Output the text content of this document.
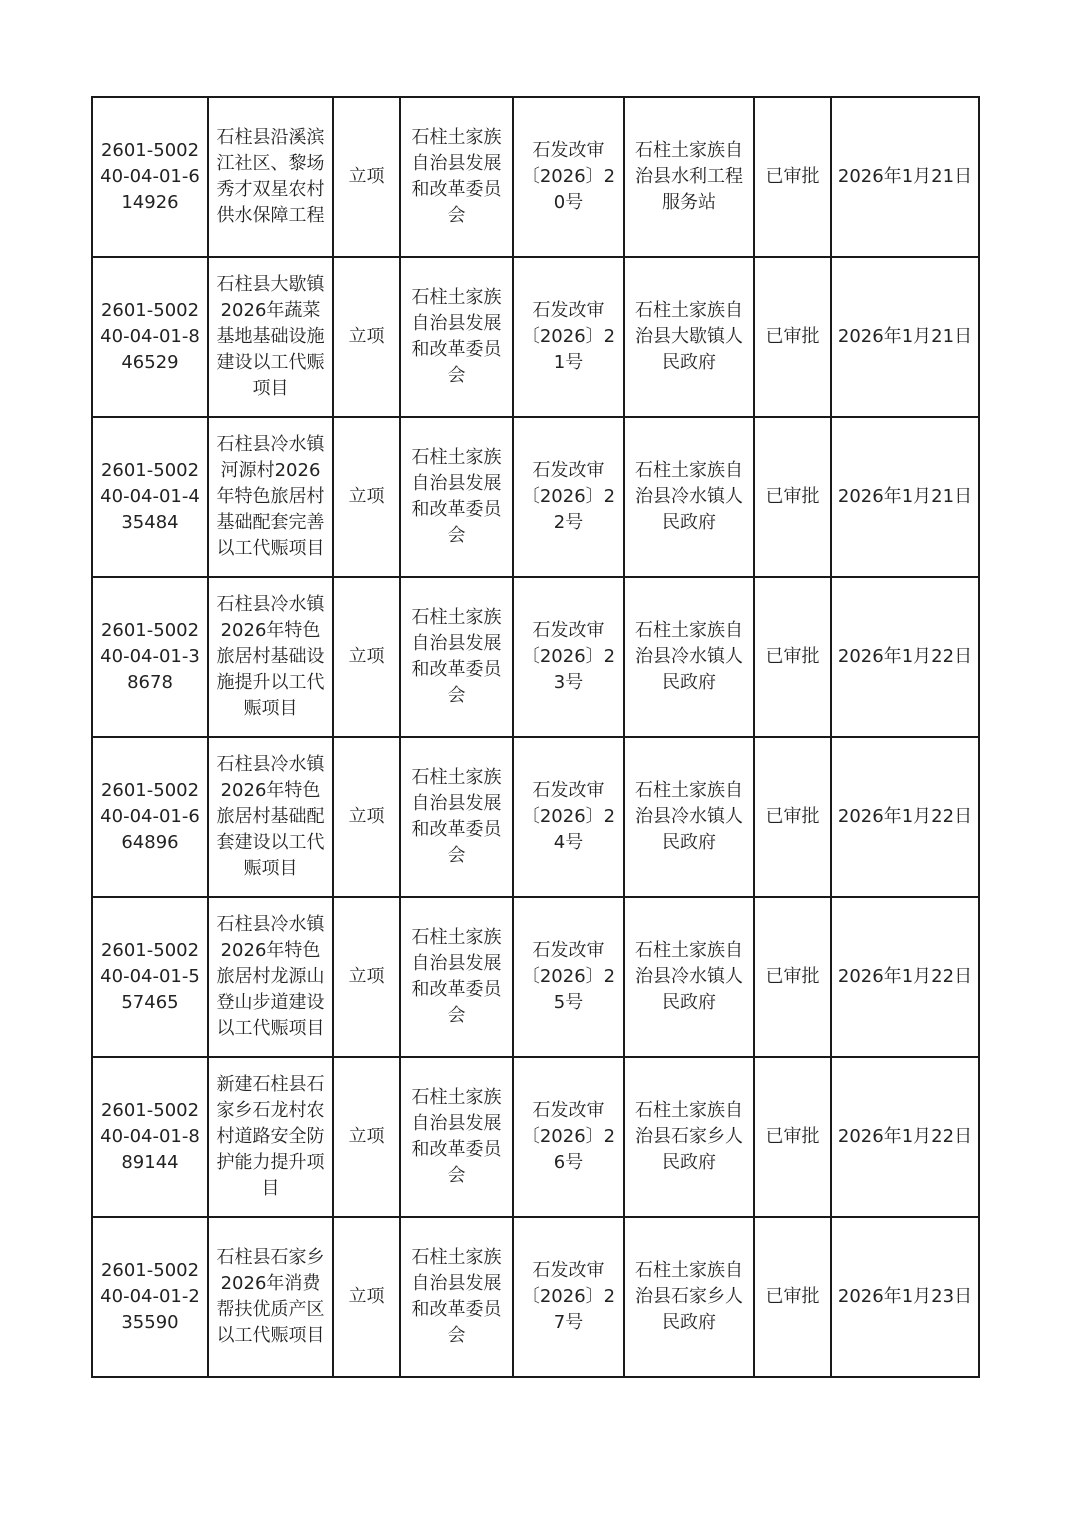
2601-500240-04-01-614926	石柱县沿溪滨江社区、黎场秀才双星农村供水保障工程	立项	石柱土家族自治县发展和改革委员会	石发改审〔2026〕20号	石柱土家族自治县水利工程服务站	已审批	2026年1月21日
2601-500240-04-01-846529	石柱县大歇镇2026年蔬菜基地基础设施建设以工代赈项目	立项	石柱土家族自治县发展和改革委员会	石发改审〔2026〕21号	石柱土家族自治县大歇镇人民政府	已审批	2026年1月21日
2601-500240-04-01-435484	石柱县冷水镇河源村2026年特色旅居村基础配套完善以工代赈项目	立项	石柱土家族自治县发展和改革委员会	石发改审〔2026〕22号	石柱土家族自治县冷水镇人民政府	已审批	2026年1月21日
2601-500240-04-01-38678	石柱县冷水镇2026年特色旅居村基础设施提升以工代赈项目	立项	石柱土家族自治县发展和改革委员会	石发改审〔2026〕23号	石柱土家族自治县冷水镇人民政府	已审批	2026年1月22日
2601-500240-04-01-664896	石柱县冷水镇2026年特色旅居村基础配套建设以工代赈项目	立项	石柱土家族自治县发展和改革委员会	石发改审〔2026〕24号	石柱土家族自治县冷水镇人民政府	已审批	2026年1月22日
2601-500240-04-01-557465	石柱县冷水镇2026年特色旅居村龙源山登山步道建设以工代赈项目	立项	石柱土家族自治县发展和改革委员会	石发改审〔2026〕25号	石柱土家族自治县冷水镇人民政府	已审批	2026年1月22日
2601-500240-04-01-889144	新建石柱县石家乡石龙村农村道路安全防护能力提升项目	立项	石柱土家族自治县发展和改革委员会	石发改审〔2026〕26号	石柱土家族自治县石家乡人民政府	已审批	2026年1月22日
2601-500240-04-01-235590	石柱县石家乡2026年消费帮扶优质产区以工代赈项目	立项	石柱土家族自治县发展和改革委员会	石发改审〔2026〕27号	石柱土家族自治县石家乡人民政府	已审批	2026年1月23日
